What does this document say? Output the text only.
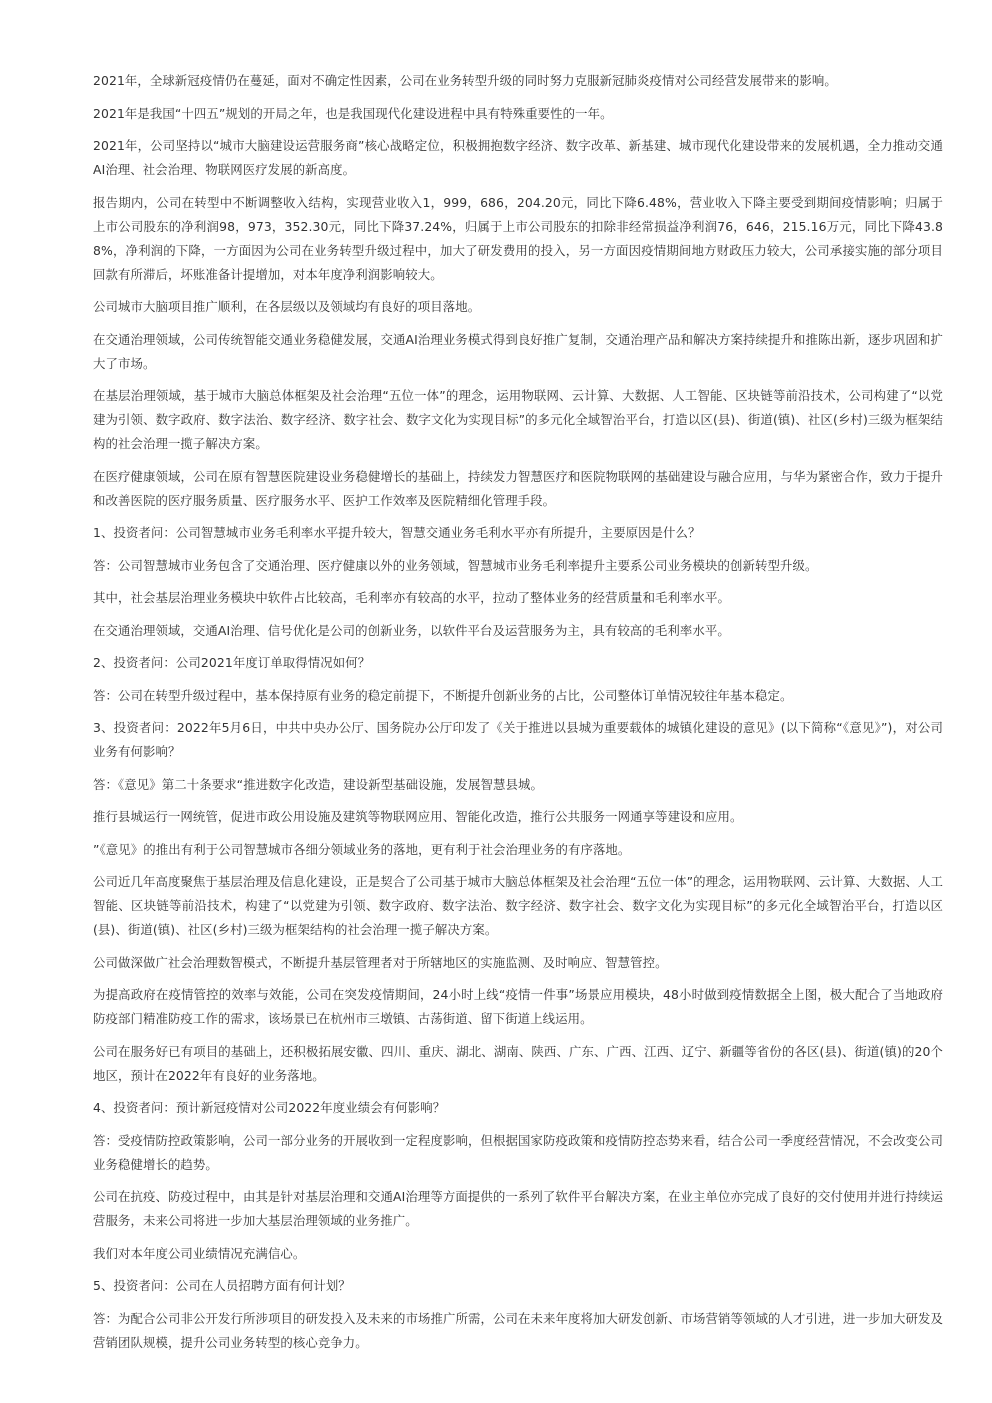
2021年，全球新冠疫情仍在蔓延，面对不确定性因素，公司在业务转型升级的同时努力克服新冠肺炎疫情对公司经营发展带来的影响。

2021年是我国“十四五”规划的开局之年，也是我国现代化建设进程中具有特殊重要性的一年。

2021年，公司坚持以“城市大脑建设运营服务商”核心战略定位，积极拥抱数字经济、数字改革、新基建、城市现代化建设带来的发展机遇，全力推动交通AI治理、社会治理、物联网医疗发展的新高度。

报告期内，公司在转型中不断调整收入结构，实现营业收入1，999，686，204.20元，同比下降6.48%，营业收入下降主要受到期间疫情影响；归属于上市公司股东的净利润98，973，352.30元，同比下降37.24%，归属于上市公司股东的扣除非经常损益净利润76，646，215.16万元，同比下降43.88%，净利润的下降，一方面因为公司在业务转型升级过程中，加大了研发费用的投入，另一方面因疫情期间地方财政压力较大，公司承接实施的部分项目回款有所滞后，坏账准备计提增加，对本年度净利润影响较大。

公司城市大脑项目推广顺利，在各层级以及领域均有良好的项目落地。

在交通治理领域，公司传统智能交通业务稳健发展，交通AI治理业务模式得到良好推广复制，交通治理产品和解决方案持续提升和推陈出新，逐步巩固和扩大了市场。

在基层治理领域，基于城市大脑总体框架及社会治理“五位一体”的理念，运用物联网、云计算、大数据、人工智能、区块链等前沿技术，公司构建了“以党建为引领、数字政府、数字法治、数字经济、数字社会、数字文化为实现目标”的多元化全域智治平台，打造以区(县)、街道(镇)、社区(乡村)三级为框架结构的社会治理一揽子解决方案。

在医疗健康领域，公司在原有智慧医院建设业务稳健增长的基础上，持续发力智慧医疗和医院物联网的基础建设与融合应用，与华为紧密合作，致力于提升和改善医院的医疗服务质量、医疗服务水平、医护工作效率及医院精细化管理手段。

1、投资者问：公司智慧城市业务毛利率水平提升较大，智慧交通业务毛利水平亦有所提升，主要原因是什么？

答：公司智慧城市业务包含了交通治理、医疗健康以外的业务领域，智慧城市业务毛利率提升主要系公司业务模块的创新转型升级。

其中，社会基层治理业务模块中软件占比较高，毛利率亦有较高的水平，拉动了整体业务的经营质量和毛利率水平。

在交通治理领域，交通AI治理、信号优化是公司的创新业务，以软件平台及运营服务为主，具有较高的毛利率水平。

2、投资者问：公司2021年度订单取得情况如何？

答：公司在转型升级过程中，基本保持原有业务的稳定前提下，不断提升创新业务的占比，公司整体订单情况较往年基本稳定。

3、投资者问：2022年5月6日，中共中央办公厅、国务院办公厅印发了《关于推进以县城为重要载体的城镇化建设的意见》(以下简称“《意见》”)，对公司业务有何影响？

答：《意见》第二十条要求“推进数字化改造，建设新型基础设施，发展智慧县城。

推行县城运行一网统管，促进市政公用设施及建筑等物联网应用、智能化改造，推行公共服务一网通享等建设和应用。

”《意见》的推出有利于公司智慧城市各细分领域业务的落地，更有利于社会治理业务的有序落地。

公司近几年高度聚焦于基层治理及信息化建设，正是契合了公司基于城市大脑总体框架及社会治理“五位一体”的理念，运用物联网、云计算、大数据、人工智能、区块链等前沿技术，构建了“以党建为引领、数字政府、数字法治、数字经济、数字社会、数字文化为实现目标”的多元化全域智治平台，打造以区(县)、街道(镇)、社区(乡村)三级为框架结构的社会治理一揽子解决方案。

公司做深做广社会治理数智模式，不断提升基层管理者对于所辖地区的实施监测、及时响应、智慧管控。

为提高政府在疫情管控的效率与效能，公司在突发疫情期间，24小时上线“疫情一件事”场景应用模块，48小时做到疫情数据全上图，极大配合了当地政府防疫部门精准防疫工作的需求，该场景已在杭州市三墩镇、古荡街道、留下街道上线运用。

公司在服务好已有项目的基础上，还积极拓展安徽、四川、重庆、湖北、湖南、陕西、广东、广西、江西、辽宁、新疆等省份的各区(县)、街道(镇)的20个地区，预计在2022年有良好的业务落地。

4、投资者问：预计新冠疫情对公司2022年度业绩会有何影响？

答：受疫情防控政策影响，公司一部分业务的开展收到一定程度影响，但根据国家防疫政策和疫情防控态势来看，结合公司一季度经营情况，不会改变公司业务稳健增长的趋势。

公司在抗疫、防疫过程中，由其是针对基层治理和交通AI治理等方面提供的一系列了软件平台解决方案，在业主单位亦完成了良好的交付使用并进行持续运营服务，未来公司将进一步加大基层治理领域的业务推广。

我们对本年度公司业绩情况充满信心。

5、投资者问：公司在人员招聘方面有何计划？

答：为配合公司非公开发行所涉项目的研发投入及未来的市场推广所需，公司在未来年度将加大研发创新、市场营销等领域的人才引进，进一步加大研发及营销团队规模，提升公司业务转型的核心竞争力。
